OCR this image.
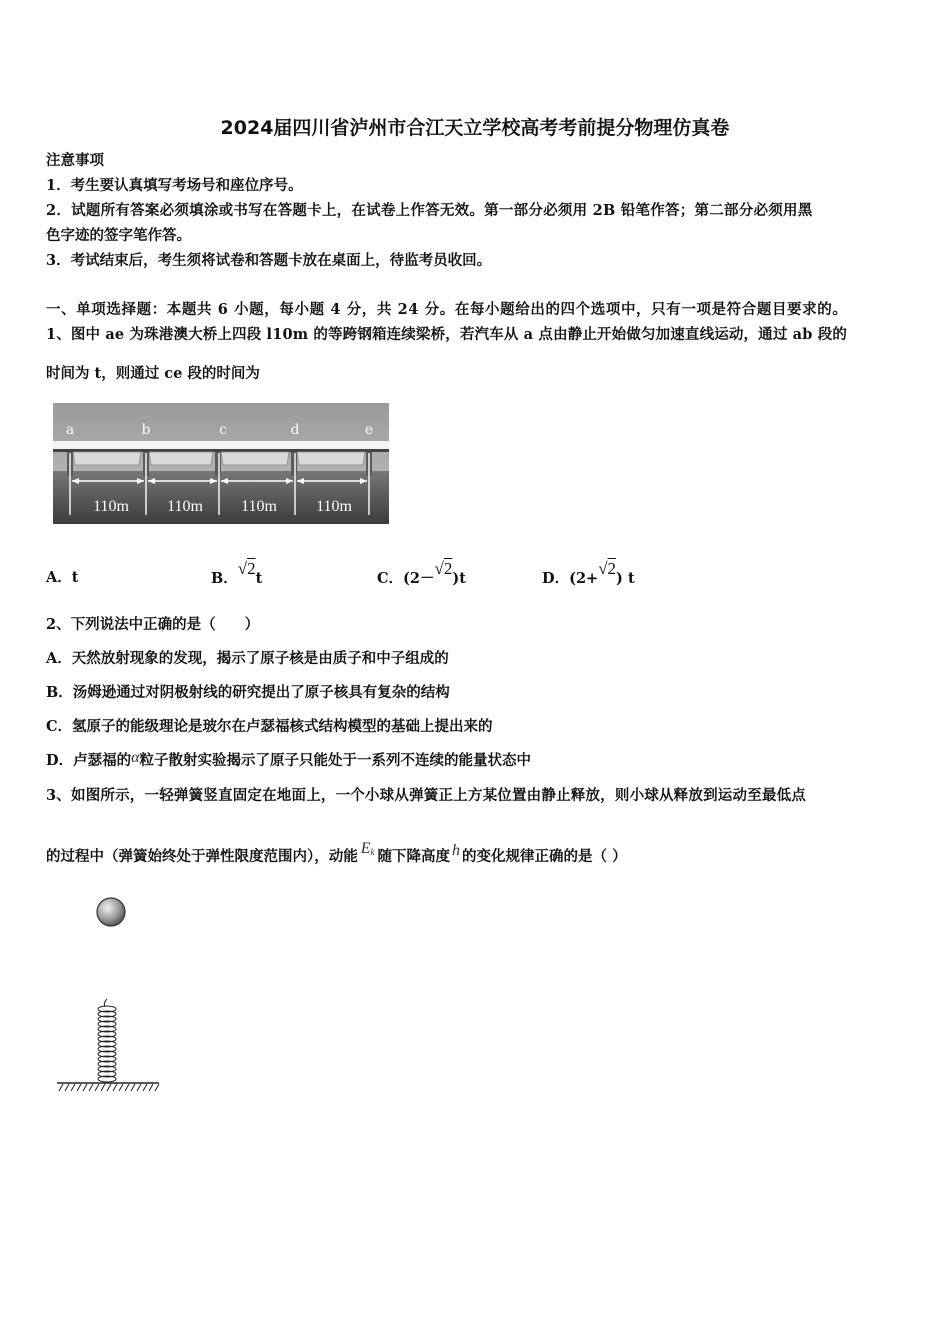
2024届四川省泸州市合江天立学校高考考前提分物理仿真卷
注意事项
1．考生要认真填写考场号和座位序号。
2．试题所有答案必须填涂或书写在答题卡上，在试卷上作答无效。第一部分必须用 2B 铅笔作答；第二部分必须用黑
色字迹的签字笔作答。
3．考试结束后，考生须将试卷和答题卡放在桌面上，待监考员收回。
一、单项选择题：本题共 6 小题，每小题 4 分，共 24 分。在每小题给出的四个选项中，只有一项是符合题目要求的。
1、图中 ae 为珠港澳大桥上四段 l10m 的等跨钢箱连续梁桥，若汽车从 a 点由静止开始做匀加速直线运动，通过 ab 段的
时间为 t，则通过 ce 段的时间为
a	b	c	d	e
110m 110m 110m 110m
A．t	B．√2t	C．(2－√2)t	D．(2+√2) t
2、下列说法中正确的是（　　）
A．天然放射现象的发现，揭示了原子核是由质子和中子组成的
B．汤姆逊通过对阴极射线的研究提出了原子核具有复杂的结构
C．氢原子的能级理论是玻尔在卢瑟福核式结构模型的基础上提出来的
D．卢瑟福的α粒子散射实验揭示了原子只能处于一系列不连续的能量状态中
3、如图所示，一轻弹簧竖直固定在地面上，一个小球从弹簧正上方某位置由静止释放，则小球从释放到运动至最低点
的过程中（弹簧始终处于弹性限度范围内），动能 $E_k$ 随下降高度 h 的变化规律正确的是（ ）
